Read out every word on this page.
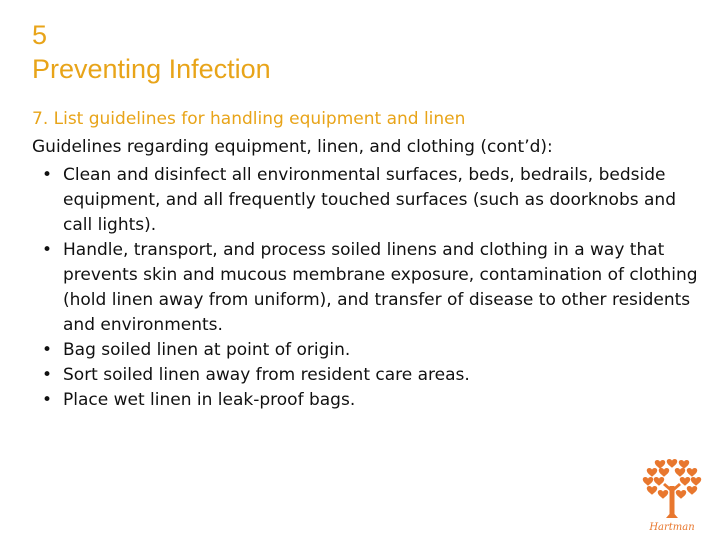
5
Preventing Infection
7. List guidelines for handling equipment and linen
Guidelines regarding equipment, linen, and clothing (cont’d):
• Clean and disinfect all environmental surfaces, beds, bedrails, bedside equipment, and all frequently touched surfaces (such as doorknobs and call lights).
• Handle, transport, and process soiled linens and clothing in a way that prevents skin and mucous membrane exposure, contamination of clothing (hold linen away from uniform), and transfer of disease to other residents and environments.
• Bag soiled linen at point of origin.
• Sort soiled linen away from resident care areas.
• Place wet linen in leak-proof bags.
Hartman
